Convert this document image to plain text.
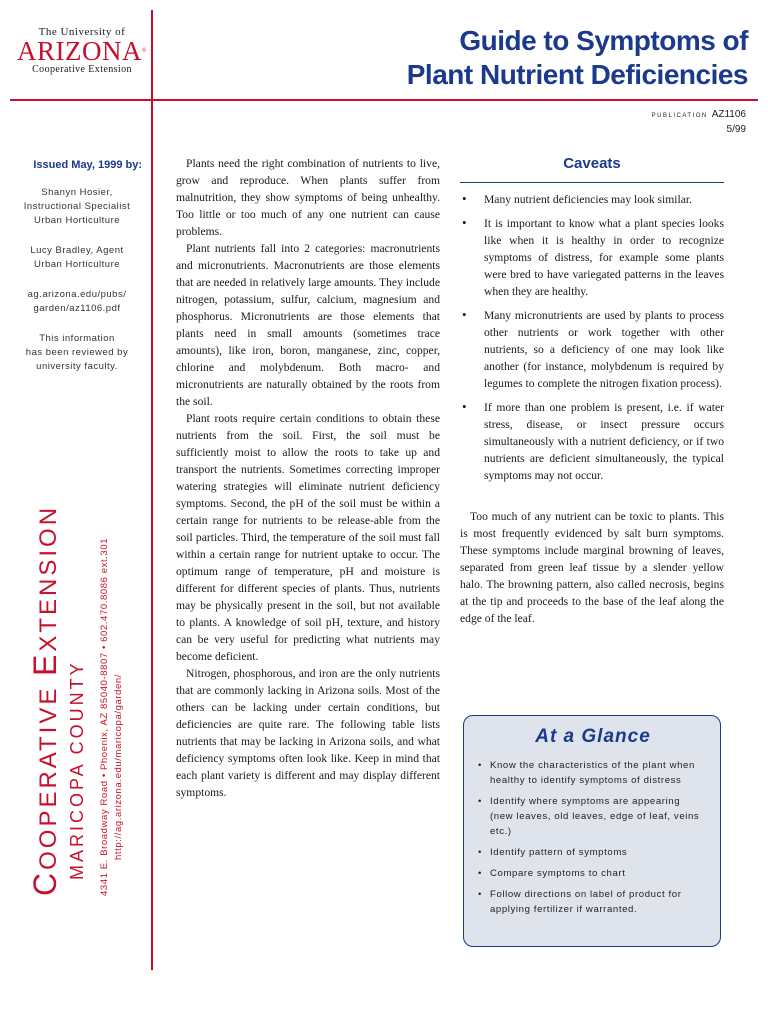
The University of
ARIZONA®
Cooperative Extension
Guide to Symptoms of
Plant Nutrient Deficiencies
PUBLICATION AZ1106
5/99
Issued May, 1999 by:

Shanyn Hosier,
Instructional Specialist
Urban Horticulture

Lucy Bradley, Agent
Urban Horticulture

ag.arizona.edu/pubs/
garden/az1106.pdf

This information
has been reviewed by
university faculty.

COOPERATIVE EXTENSION
MARICOPA COUNTY	4341 E. Broadway Road • Phoenix, AZ 85040-8807 • 602.470.8086 ext.301 http://ag.arizona.edu/maricopa/garden/

Plants need the right combination of nutrients to live, grow and reproduce. When plants suffer from malnutrition, they show symptoms of being unhealthy. Too little or too much of any one nutrient can cause problems.

Plant nutrients fall into 2 categories: macronutrients and micronutrients. Macronutrients are those elements that are needed in relatively large amounts. They include nitrogen, potassium, sulfur, calcium, magnesium and phosphorus. Micronutrients are those elements that plants need in small amounts (sometimes trace amounts), like iron, boron, manganese, zinc, copper, chlorine and molybdenum. Both macro- and micronutrients are naturally obtained by the roots from the soil.

Plant roots require certain conditions to obtain these nutrients from the soil. First, the soil must be sufficiently moist to allow the roots to take up and transport the nutrients. Sometimes correcting improper watering strategies will eliminate nutrient deficiency symptoms. Second, the pH of the soil must be within a certain range for nutrients to be release-able from the soil particles. Third, the temperature of the soil must fall within a certain range for nutrient uptake to occur. The optimum range of temperature, pH and moisture is different for different species of plants. Thus, nutrients may be physically present in the soil, but not available to plants. A knowledge of soil pH, texture, and history can be very useful for predicting what nutrients may become deficient.

Nitrogen, phosphorous, and iron are the only nutrients that are commonly lacking in Arizona soils. Most of the others can be lacking under certain conditions, but deficiencies are quite rare. The following table lists nutrients that may be lacking in Arizona soils, and what deficiency symptoms often look like. Keep in mind that each plant variety is different and may display different symptoms.

Caveats
• Many nutrient deficiencies may look similar.
• It is important to know what a plant species looks like when it is healthy in order to recognize symptoms of distress, for example some plants were bred to have variegated patterns in the leaves when they are healthy.
• Many micronutrients are used by plants to process other nutrients or work together with other nutrients, so a deficiency of one may look like another (for instance, molybdenum is required by legumes to complete the nitrogen fixation process).
• If more than one problem is present, i.e. if water stress, disease, or insect pressure occurs simultaneously with a nutrient deficiency, or if two nutrients are deficient simultaneously, the typical symptoms may not occur.

Too much of any nutrient can be toxic to plants. This is most frequently evidenced by salt burn symptoms. These symptoms include marginal browning of leaves, separated from green leaf tissue by a slender yellow halo. The browning pattern, also called necrosis, begins at the tip and proceeds to the base of the leaf along the edge of the leaf.

At a Glance
• Know the characteristics of the plant when healthy to identify symptoms of distress
• Identify where symptoms are appearing (new leaves, old leaves, edge of leaf, veins etc.)
• Identify pattern of symptoms
• Compare symptoms to chart
• Follow directions on label of product for applying fertilizer if warranted.
